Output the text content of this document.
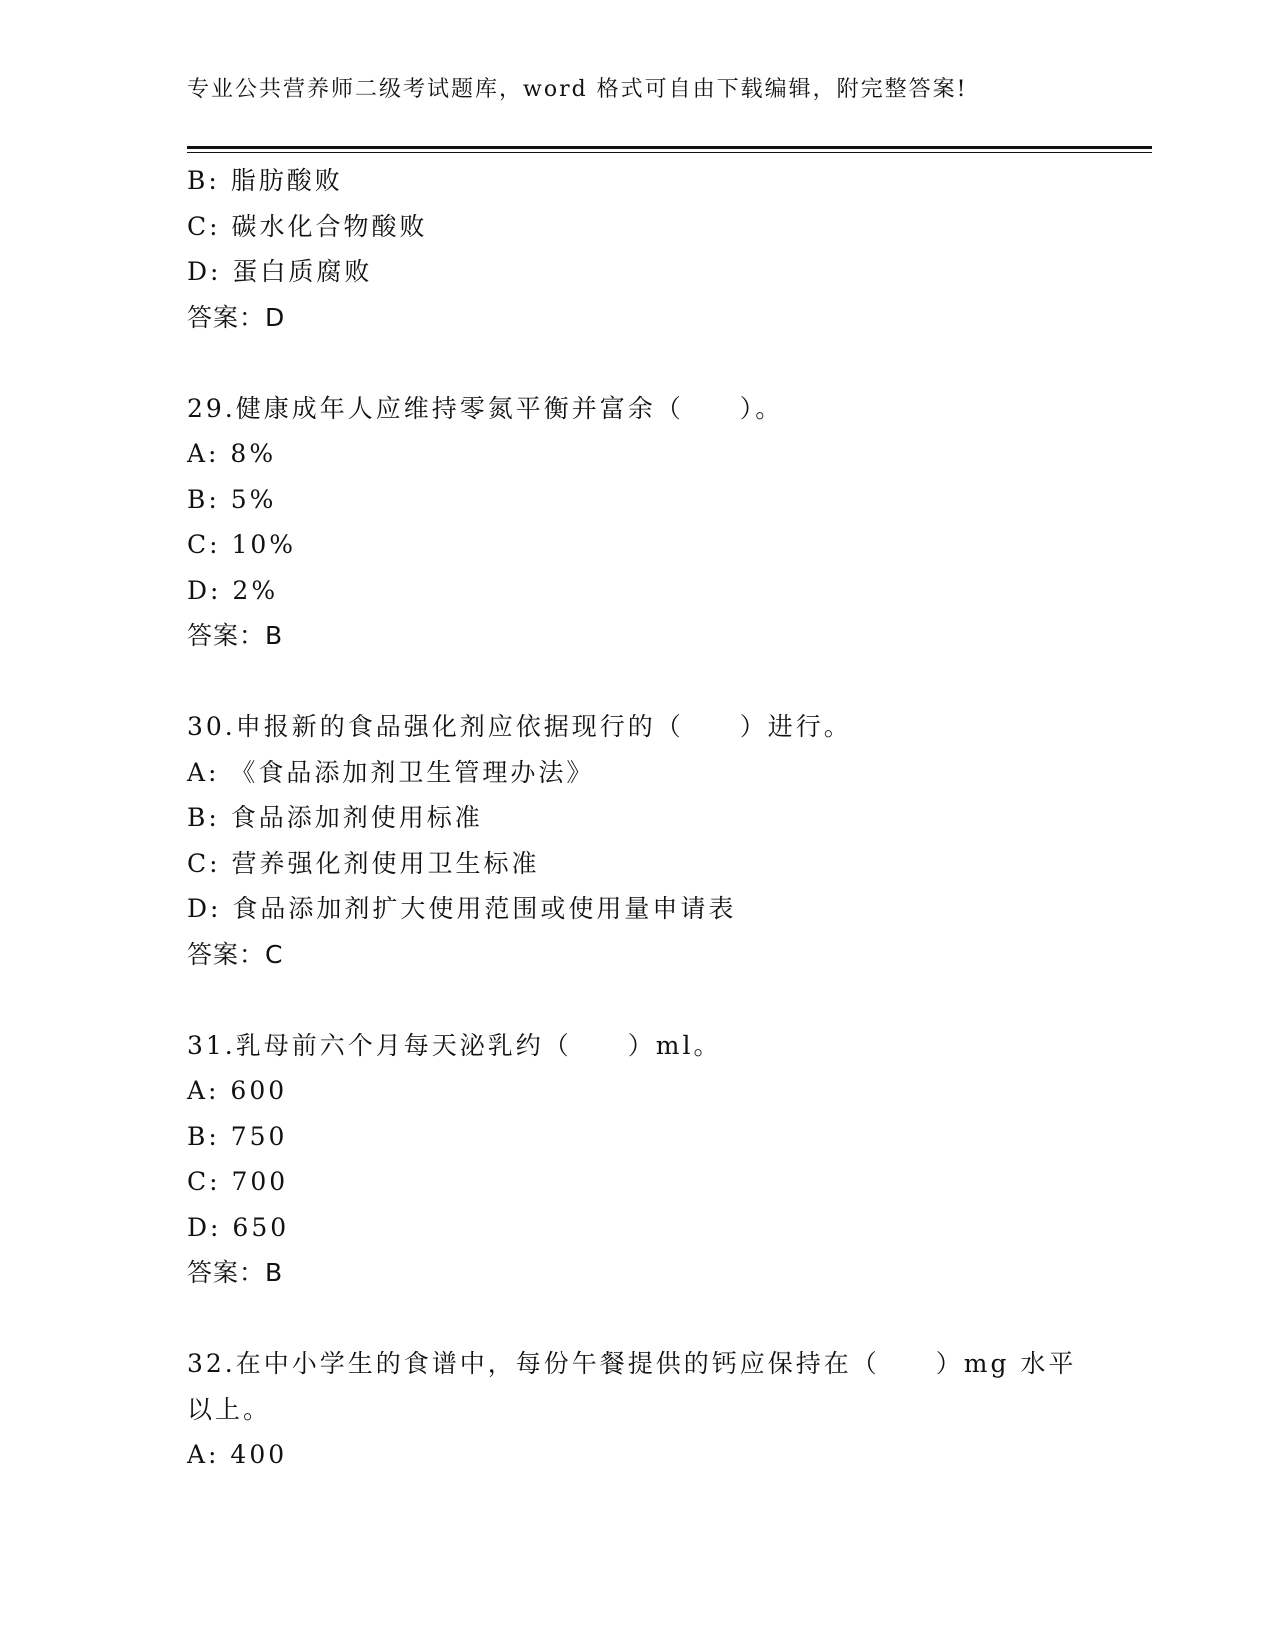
专业公共营养师二级考试题库，word 格式可自由下载编辑，附完整答案!
B: 脂肪酸败
C: 碳水化合物酸败
D: 蛋白质腐败
答案：D
29.健康成年人应维持零氮平衡并富余（　　）。
A: 8%
B: 5%
C: 10%
D: 2%
答案：B
30.申报新的食品强化剂应依据现行的（　　）进行。
A: 《食品添加剂卫生管理办法》
B: 食品添加剂使用标准
C: 营养强化剂使用卫生标准
D: 食品添加剂扩大使用范围或使用量申请表
答案：C
31.乳母前六个月每天泌乳约（　　）ml。
A: 600
B: 750
C: 700
D: 650
答案：B
32.在中小学生的食谱中，每份午餐提供的钙应保持在（　　）mg 水平
以上。
A: 400
